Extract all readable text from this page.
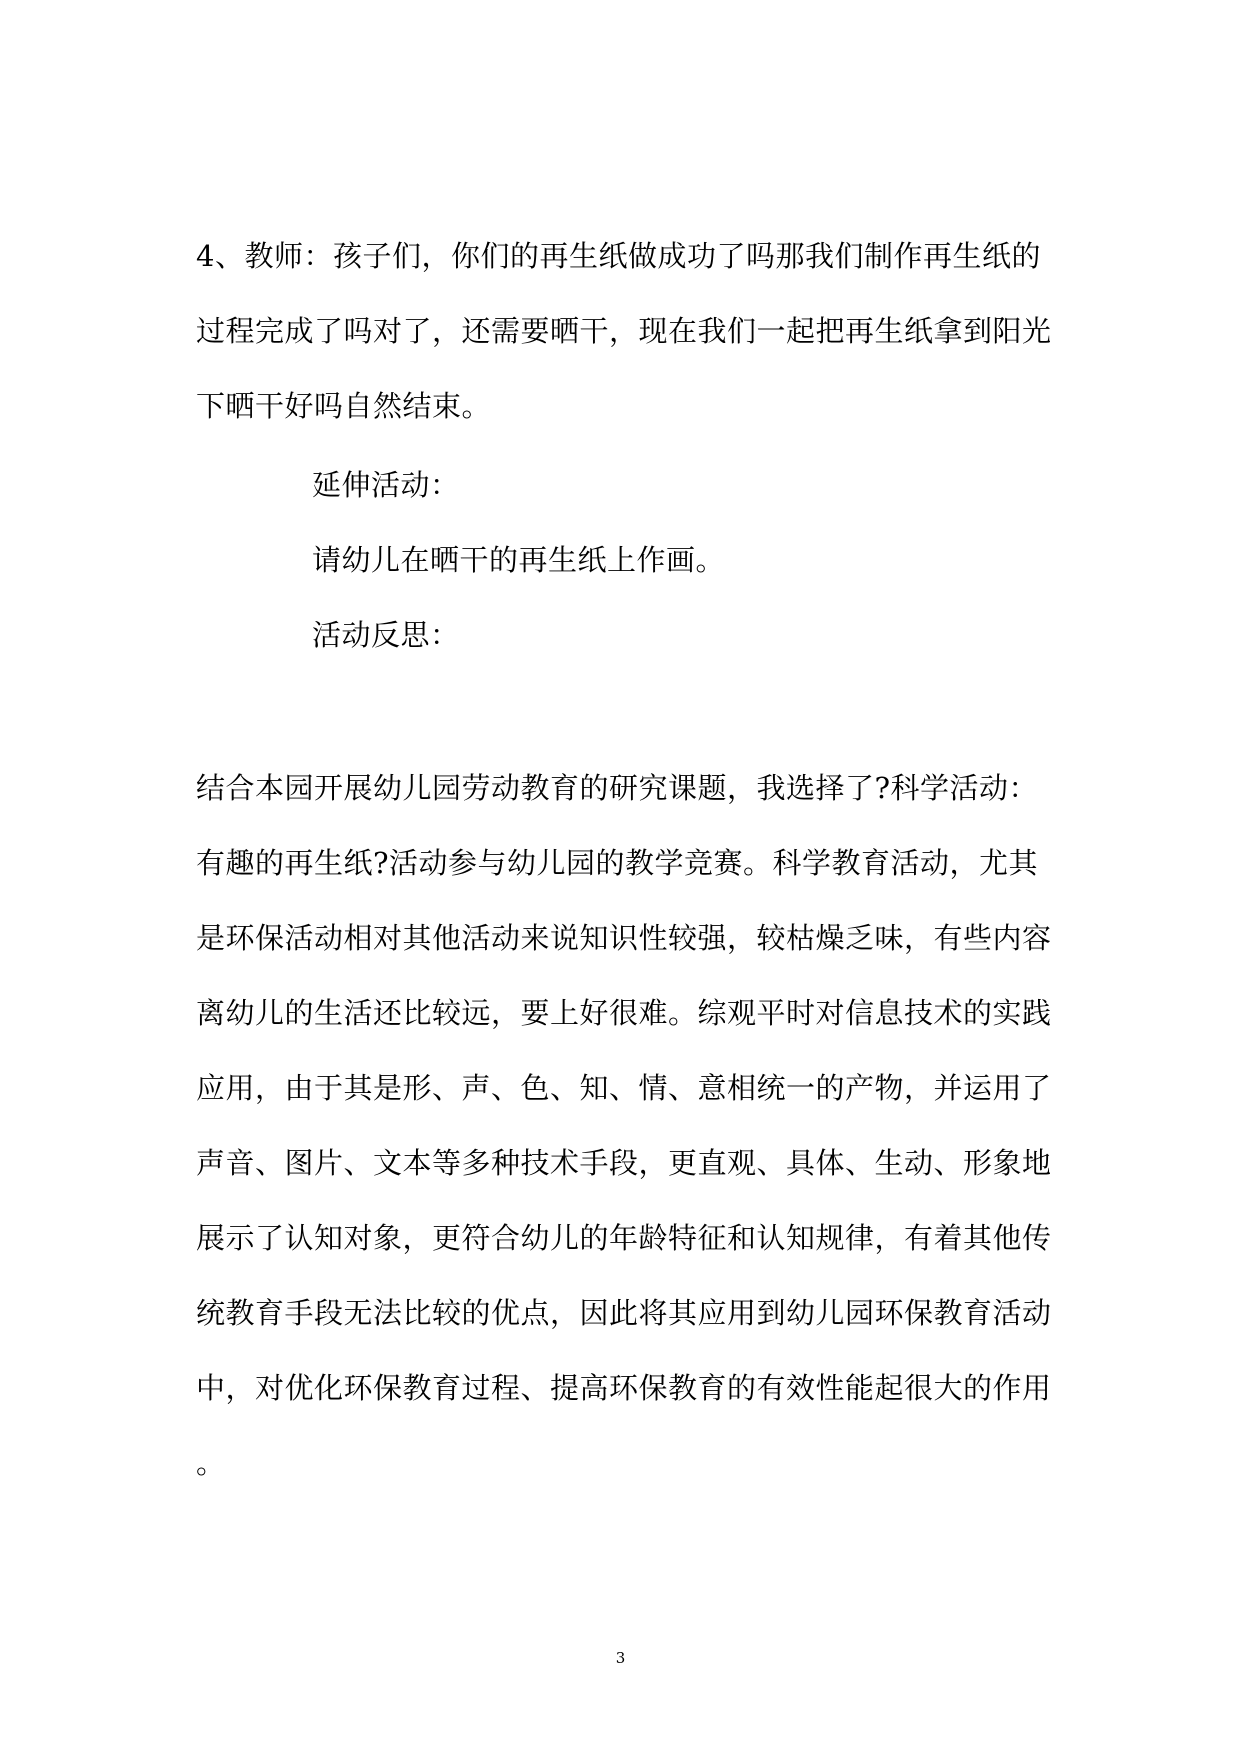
4、教师：孩子们，你们的再生纸做成功了吗那我们制作再生纸的
过程完成了吗对了，还需要晒干，现在我们一起把再生纸拿到阳光
下晒干好吗自然结束。
延伸活动：
请幼儿在晒干的再生纸上作画。
活动反思：
结合本园开展幼儿园劳动教育的研究课题，我选择了?科学活动：
有趣的再生纸?活动参与幼儿园的教学竞赛。科学教育活动，尤其
是环保活动相对其他活动来说知识性较强，较枯燥乏味，有些内容
离幼儿的生活还比较远，要上好很难。综观平时对信息技术的实践
应用，由于其是形、声、色、知、情、意相统一的产物，并运用了
声音、图片、文本等多种技术手段，更直观、具体、生动、形象地
展示了认知对象，更符合幼儿的年龄特征和认知规律，有着其他传
统教育手段无法比较的优点，因此将其应用到幼儿园环保教育活动
中，对优化环保教育过程、提高环保教育的有效性能起很大的作用
。
3
